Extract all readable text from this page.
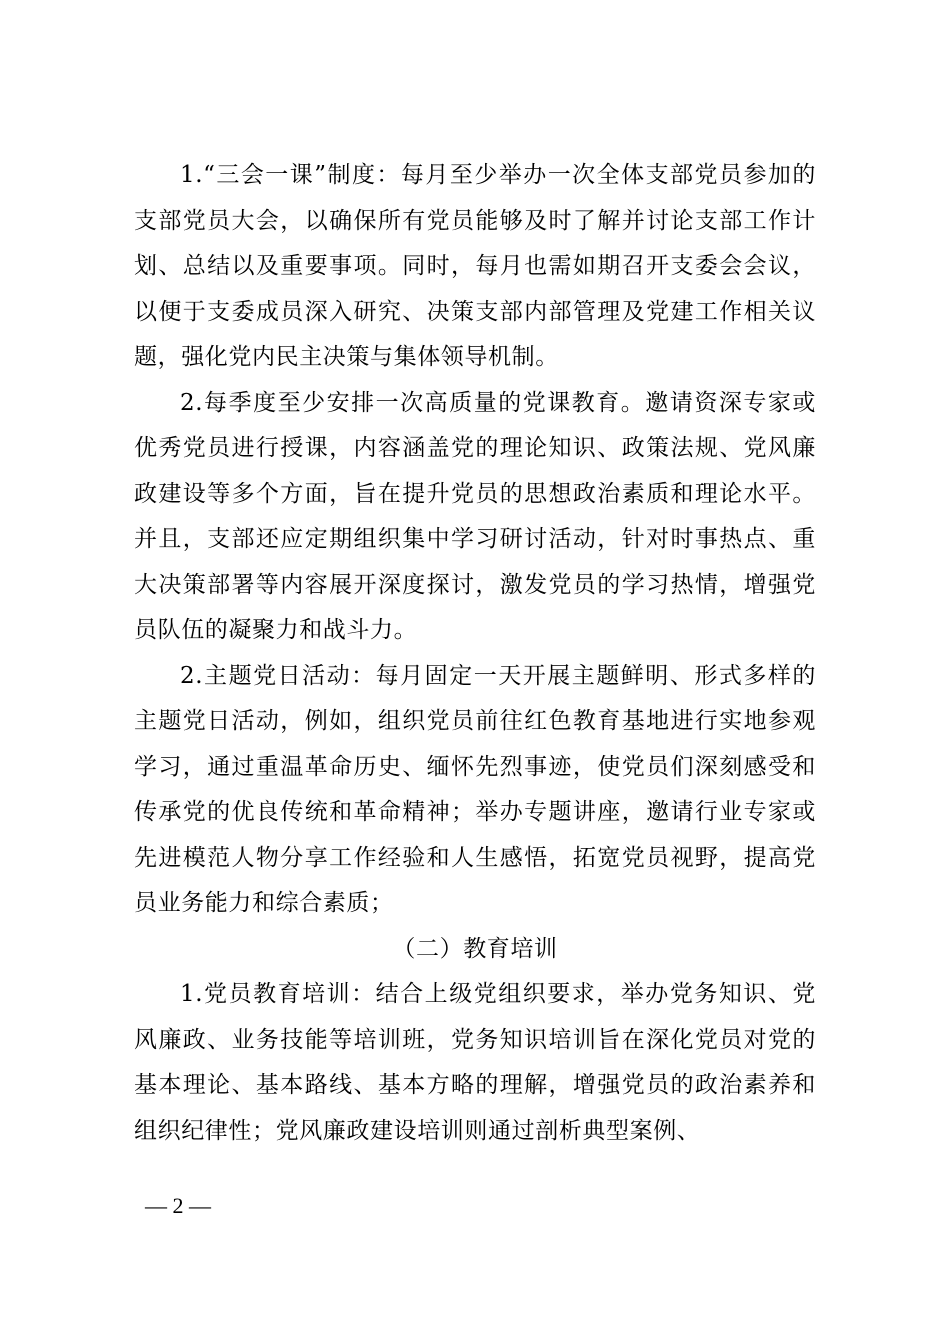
1.“三会一课”制度：每月至少举办一次全体支部党员参加的支部党员大会，以确保所有党员能够及时了解并讨论支部工作计划、总结以及重要事项。同时，每月也需如期召开支委会会议，以便于支委成员深入研究、决策支部内部管理及党建工作相关议题，强化党内民主决策与集体领导机制。

2.每季度至少安排一次高质量的党课教育。邀请资深专家或优秀党员进行授课，内容涵盖党的理论知识、政策法规、党风廉政建设等多个方面，旨在提升党员的思想政治素质和理论水平。并且，支部还应定期组织集中学习研讨活动，针对时事热点、重大决策部署等内容展开深度探讨，激发党员的学习热情，增强党员队伍的凝聚力和战斗力。

2.主题党日活动：每月固定一天开展主题鲜明、形式多样的主题党日活动，例如，组织党员前往红色教育基地进行实地参观学习，通过重温革命历史、缅怀先烈事迹，使党员们深刻感受和传承党的优良传统和革命精神；举办专题讲座，邀请行业专家或先进模范人物分享工作经验和人生感悟，拓宽党员视野，提高党员业务能力和综合素质；

（二）教育培训

1.党员教育培训：结合上级党组织要求，举办党务知识、党风廉政、业务技能等培训班，党务知识培训旨在深化党员对党的基本理论、基本路线、基本方略的理解，增强党员的政治素养和组织纪律性；党风廉政建设培训则通过剖析典型案例、

— 2 —
